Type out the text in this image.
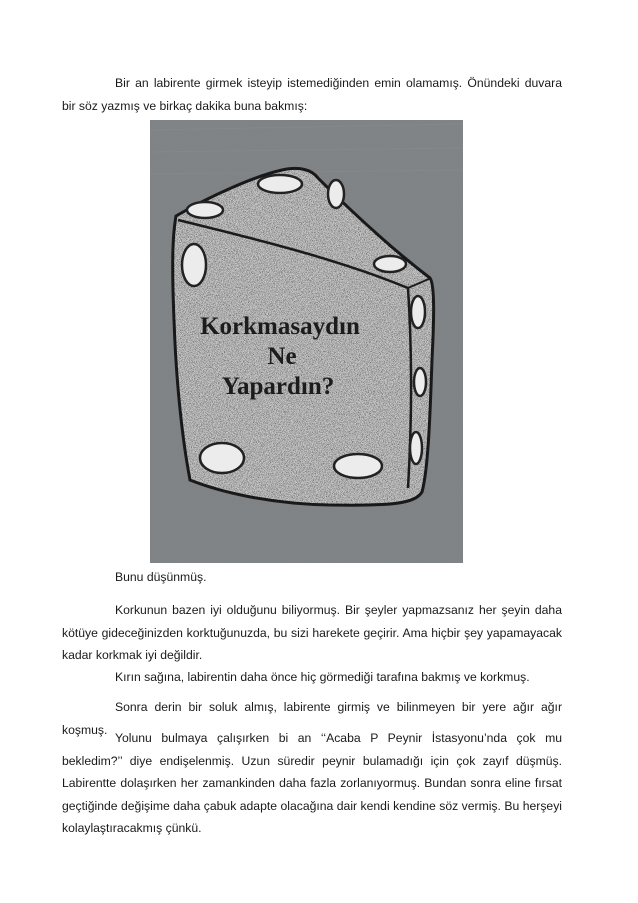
Bir an labirente girmek isteyip istemediğinden emin olamamış. Önündeki duvara bir söz yazmış ve birkaç dakika buna bakmış:

Korkmasaydın
Ne
Yapardın?

Bunu düşünmüş.

Korkunun bazen iyi olduğunu biliyormuş. Bir şeyler yapmazsanız her şeyin daha kötüye gideceğinizden korktuğunuzda, bu sizi harekete geçirir. Ama hiçbir şey yapamayacak kadar korkmak iyi değildir.

Kırın sağına, labirentin daha önce hiç görmediği tarafına bakmış ve korkmuş.

Sonra derin bir soluk almış, labirente girmiş ve bilinmeyen bir yere ağır ağır koşmuş.

Yolunu bulmaya çalışırken bi an ‘‘Acaba P Peynir İstasyonu’nda çok mu bekledim?’’ diye endişelenmiş. Uzun süredir peynir bulamadığı için çok zayıf düşmüş. Labirentte dolaşırken her zamankinden daha fazla zorlanıyormuş. Bundan sonra eline fırsat geçtiğinde değişime daha çabuk adapte olacağına dair kendi kendine söz vermiş. Bu herşeyi kolaylaştıracakmış çünkü.
